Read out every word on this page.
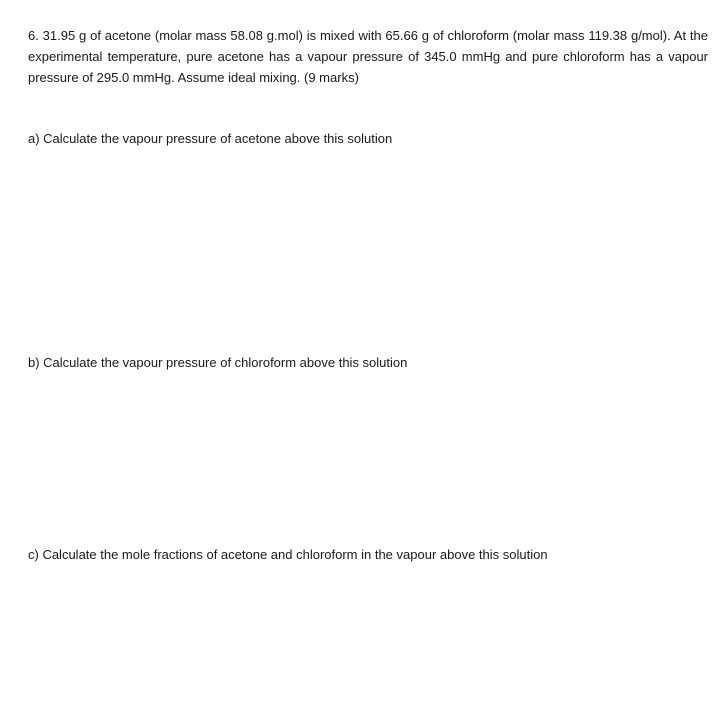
6. 31.95 g of acetone (molar mass 58.08 g.mol) is mixed with 65.66 g of chloroform (molar mass 119.38 g/mol). At the experimental temperature, pure acetone has a vapour pressure of 345.0 mmHg and pure chloroform has a vapour pressure of 295.0 mmHg. Assume ideal mixing. (9 marks)

a) Calculate the vapour pressure of acetone above this solution

b) Calculate the vapour pressure of chloroform above this solution

c) Calculate the mole fractions of acetone and chloroform in the vapour above this solution
